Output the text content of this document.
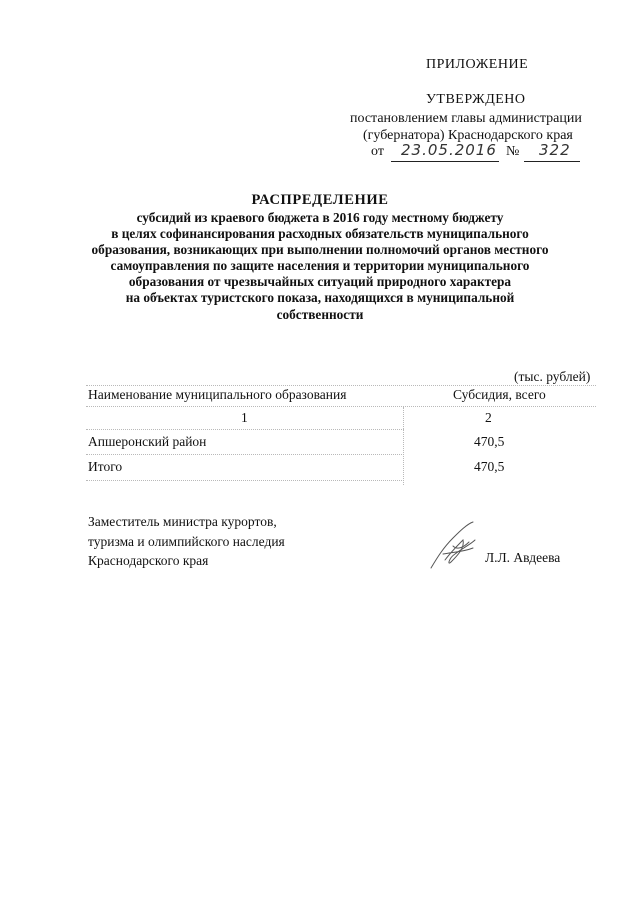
ПРИЛОЖЕНИЕ
УТВЕРЖДЕНО
постановлением главы администрации
(губернатора) Краснодарского края
от 23.05.2016 № 322
РАСПРЕДЕЛЕНИЕ
субсидий из краевого бюджета в 2016 году местному бюджету
в целях софинансирования расходных обязательств муниципального
образования, возникающих при выполнении полномочий органов местного
самоуправления по защите населения и территории муниципального
образования от чрезвычайных ситуаций природного характера
на объектах туристского показа, находящихся в муниципальной
собственности
(тыс. рублей)
Наименование муниципального образования	Субсидия, всего
1	2
Апшеронский район	470,5
Итого	470,5
Заместитель министра курортов,
туризма и олимпийского наследия
Краснодарского края	Л.Л. Авдеева
